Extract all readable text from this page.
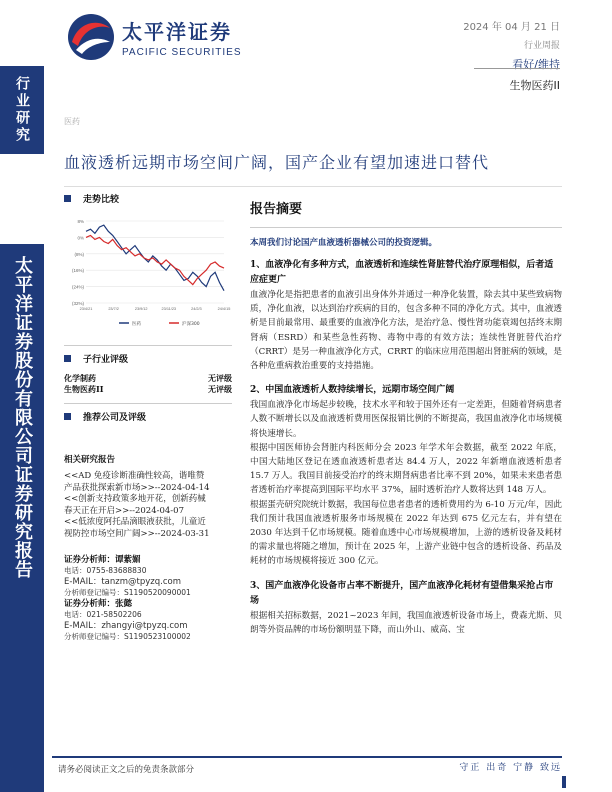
行业研究
太平洋证券股份有限公司证券研究报告
太平洋证券
PACIFIC SECURITIES
2024 年 04 月 21 日
行业周报
看好/维持
生物医药II
医药
血液透析远期市场空间广阔，国产企业有望加速进口替代
走势比较
8%
0%
(8%)
(16%)
(24%)
(32%)
23/4/21	23/7/2	23/9/12	23/11/23	24/2/3	24/4/15
医药	沪深300
子行业评级
化学制药	无评级
生物医药II	无评级
推荐公司及评级
相关研究报告
<<AD 免疫诊断准确性较高，谐唯赞
产品获批探索新市场>>--2024-04-14
<<创新支持政策多地开花，创新药械
春天正在开启>>--2024-04-07
<<低浓度阿托品滴眼液获批，儿童近
视防控市场空间广阔>>--2024-03-31
证券分析师：谭紫媚
电话：0755-83688830
E-MAIL：tanzm@tpyzq.com
分析师登记编号：S1190520090001
证券分析师：张懿
电话：021-58502206
E-MAIL：zhangyi@tpyzq.com
分析师登记编号：S1190523100002
报告摘要
本周我们讨论国产血液透析器械公司的投资逻辑。
1、血液净化有多种方式，血液透析和连续性肾脏替代治疗原理相似，后者适应症更广
血液净化是指把患者的血液引出身体外并通过一种净化装置，除去其中某些致病物质，净化血液，以达到治疗疾病的目的，包含多种不同的净化方式。其中，血液透析是目前最常用、最重要的血液净化方法，是治疗急、慢性肾功能衰竭包括终末期肾病（ESRD）和某些急性药物、毒物中毒的有效方法；连续性肾脏替代治疗（CRRT）是另一种血液净化方式，CRRT 的临床应用范围超出肾脏病的领域，是各种危重病救治重要的支持措施。
2、中国血液透析人数持续增长，远期市场空间广阔
我国血液净化市场起步较晚，技术水平和较于国外还有一定差距，但随着肾病患者人数不断增长以及血液透析费用医保报销比例的不断提高，我国血液净化市场规模将快速增长。
根据中国医师协会肾脏内科医师分会 2023 年学术年会数据，截至 2022 年底，中国大陆地区登记在透血液透析患者达 84.4 万人，2022 年新增血液透析患者 15.7 万人。我国目前接受治疗的终末期肾病患者比率不到 20%，如果未来患者患者透析治疗率提高到国际平均水平 37%，届时透析治疗人数将达到 148 万人。
根据蛋壳研究院统计数据，我国每位患者患者的透析费用约为 6-10 万元/年，因此我们预计我国血液透析服务市场规模在 2022 年达到 675 亿元左右，并有望在 2030 年达到千亿市场规模。随着血透中心市场规模增加，上游的透析设备及耗材的需求量也将随之增加，预计在 2025 年，上游产业链中包含的透析设备、药品及耗材的市场规模将接近 300 亿元。
3、国产血液净化设备市占率不断提升，国产血液净化耗材有望借集采抢占市场
根据相关招标数据，2021~2023 年间，我国血液透析设备市场上，费森尤斯、贝朗等外资品牌的市场份额明显下降，而山外山、威高、宝
请务必阅读正文之后的免责条款部分	守正 出奇 宁静 致远
